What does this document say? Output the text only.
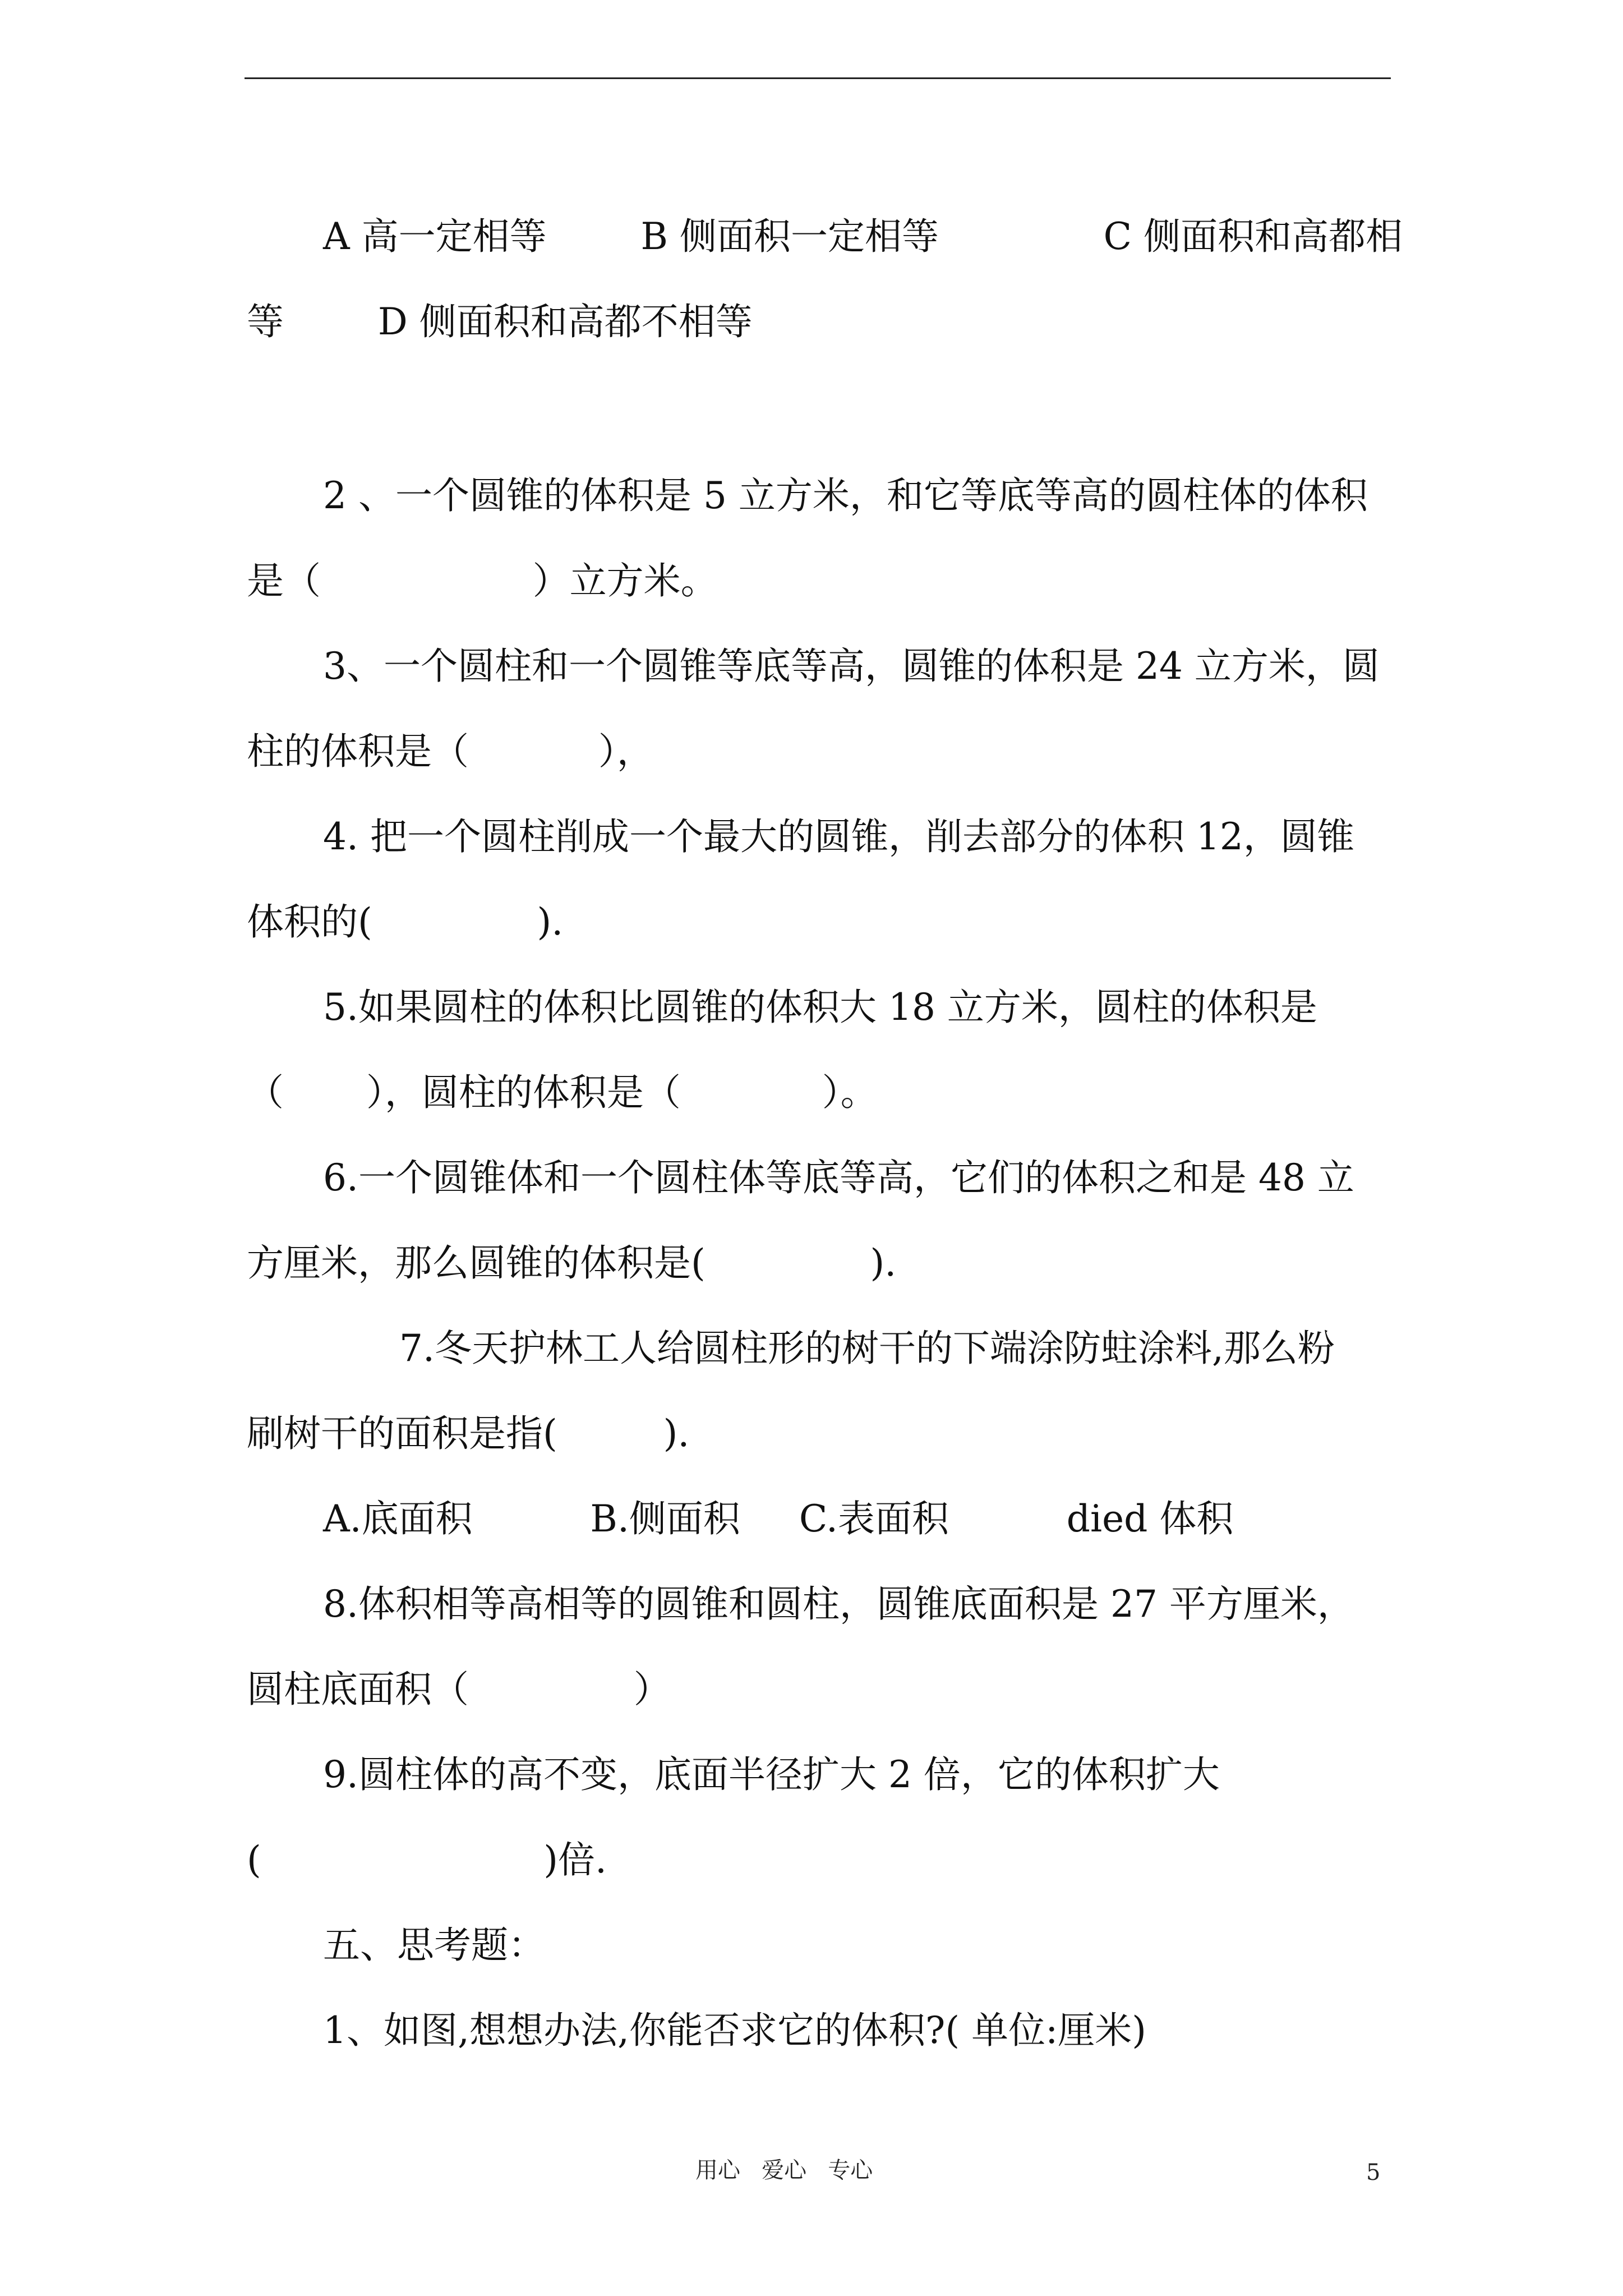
A 高一定相等        B 侧面积一定相等              C 侧面积和高都相
等        D 侧面积和高都不相等
2 、一个圆锥的体积是 5 立方米，和它等底等高的圆柱体的体积
是（                  ）立方米。
3、一个圆柱和一个圆锥等底等高，圆锥的体积是 24 立方米，圆
柱的体积是（           ），
4. 把一个圆柱削成一个最大的圆锥，削去部分的体积 12，圆锥
体积的(              ).
5.如果圆柱的体积比圆锥的体积大 18 立方米，圆柱的体积是
（       ），圆柱的体积是（            ）。
6.一个圆锥体和一个圆柱体等底等高，它们的体积之和是 48 立
方厘米，那么圆锥的体积是(              ).
7.冬天护林工人给圆柱形的树干的下端涂防蛀涂料,那么粉
刷树干的面积是指(         ).
A.底面积          B.侧面积     C.表面积          died 体积
8.体积相等高相等的圆锥和圆柱，圆锥底面积是 27 平方厘米，
圆柱底面积（              ）
9.圆柱体的高不变，底面半径扩大 2 倍，它的体积扩大
(                        )倍.
五、思考题：
1、如图,想想办法,你能否求它的体积?( 单位:厘米)
用心   爱心   专心	5
